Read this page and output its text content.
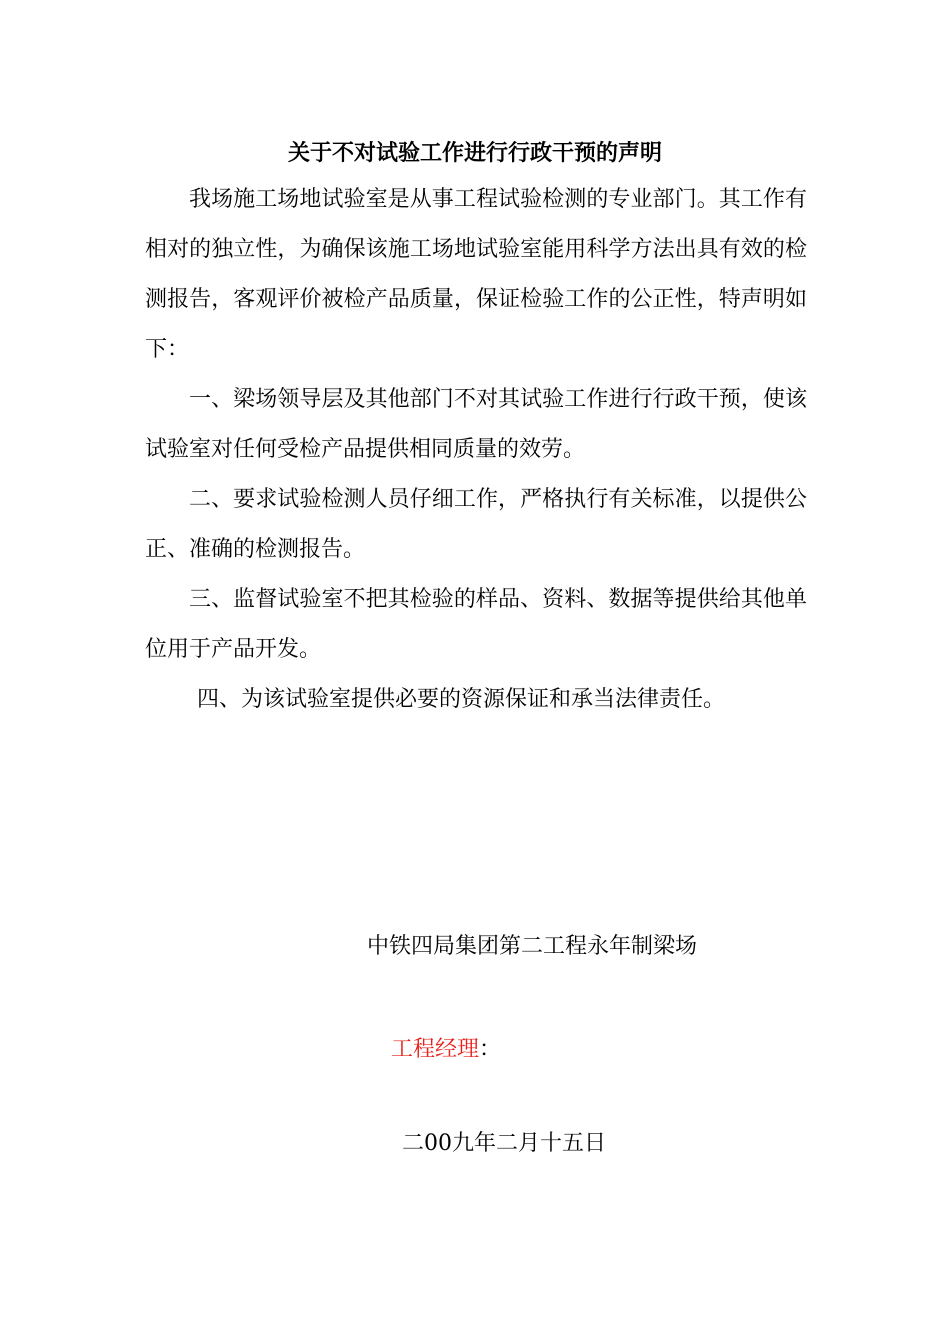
关于不对试验工作进行行政干预的声明
我场施工场地试验室是从事工程试验检测的专业部门。其工作有相对的独立性，为确保该施工场地试验室能用科学方法出具有效的检测报告，客观评价被检产品质量，保证检验工作的公正性，特声明如下：
一、梁场领导层及其他部门不对其试验工作进行行政干预，使该试验室对任何受检产品提供相同质量的效劳。
二、要求试验检测人员仔细工作，严格执行有关标准，以提供公正、准确的检测报告。
三、监督试验室不把其检验的样品、资料、数据等提供给其他单位用于产品开发。
四、为该试验室提供必要的资源保证和承当法律责任。
中铁四局集团第二工程永年制梁场
工程经理：
二00九年二月十五日
